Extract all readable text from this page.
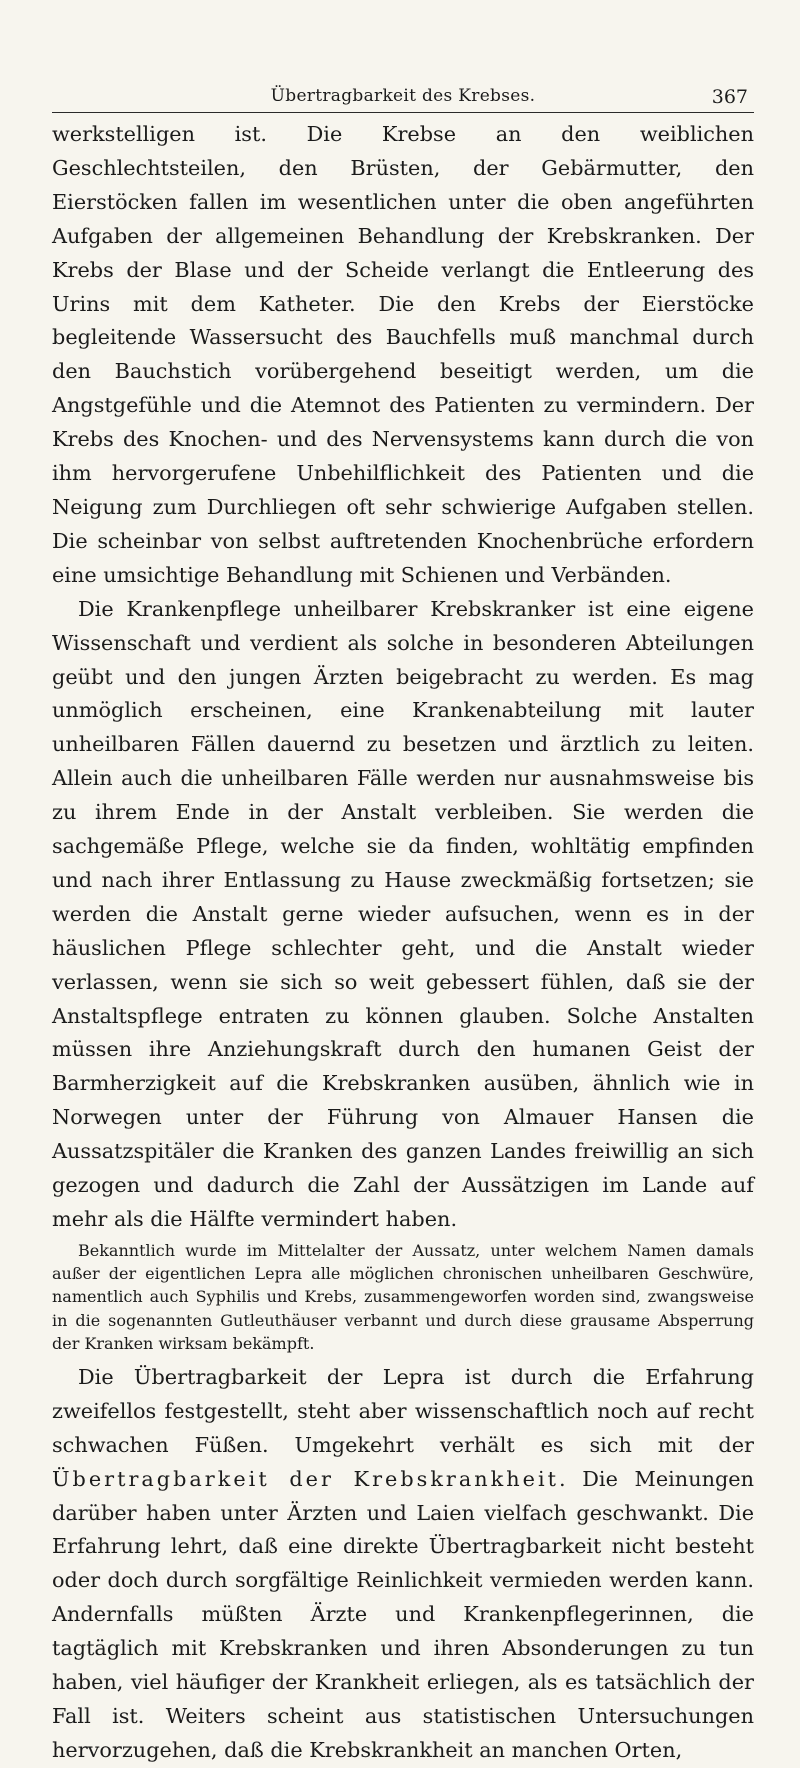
Übertragbarkeit des Krebses.	367

werkstelligen ist. Die Krebse an den weiblichen Geschlechtsteilen, den Brüsten, der Gebärmutter, den Eierstöcken fallen im wesentlichen unter die oben angeführten Aufgaben der allgemeinen Behandlung der Krebskranken. Der Krebs der Blase und der Scheide verlangt die Entleerung des Urins mit dem Katheter. Die den Krebs der Eierstöcke begleitende Wassersucht des Bauchfells muß manchmal durch den Bauchstich vorübergehend beseitigt werden, um die Angstgefühle und die Atemnot des Patienten zu vermindern. Der Krebs des Knochen- und des Nervensystems kann durch die von ihm hervorgerufene Unbehilflichkeit des Patienten und die Neigung zum Durchliegen oft sehr schwierige Aufgaben stellen. Die scheinbar von selbst auftretenden Knochenbrüche erfordern eine umsichtige Behandlung mit Schienen und Verbänden.

Die Krankenpflege unheilbarer Krebskranker ist eine eigene Wissenschaft und verdient als solche in besonderen Abteilungen geübt und den jungen Ärzten beigebracht zu werden. Es mag unmöglich erscheinen, eine Krankenabteilung mit lauter unheilbaren Fällen dauernd zu besetzen und ärztlich zu leiten. Allein auch die unheilbaren Fälle werden nur ausnahmsweise bis zu ihrem Ende in der Anstalt verbleiben. Sie werden die sachgemäße Pflege, welche sie da finden, wohltätig empfinden und nach ihrer Entlassung zu Hause zweckmäßig fortsetzen; sie werden die Anstalt gerne wieder aufsuchen, wenn es in der häuslichen Pflege schlechter geht, und die Anstalt wieder verlassen, wenn sie sich so weit gebessert fühlen, daß sie der Anstaltspflege entraten zu können glauben. Solche Anstalten müssen ihre Anziehungskraft durch den humanen Geist der Barmherzigkeit auf die Krebskranken ausüben, ähnlich wie in Norwegen unter der Führung von Almauer Hansen die Aussatzspitäler die Kranken des ganzen Landes freiwillig an sich gezogen und dadurch die Zahl der Aussätzigen im Lande auf mehr als die Hälfte vermindert haben.

Bekanntlich wurde im Mittelalter der Aussatz, unter welchem Namen damals außer der eigentlichen Lepra alle möglichen chronischen unheilbaren Geschwüre, namentlich auch Syphilis und Krebs, zusammengeworfen worden sind, zwangsweise in die sogenannten Gutleuthäuser verbannt und durch diese grausame Absperrung der Kranken wirksam bekämpft.

Die Übertragbarkeit der Lepra ist durch die Erfahrung zweifellos festgestellt, steht aber wissenschaftlich noch auf recht schwachen Füßen. Umgekehrt verhält es sich mit der Übertragbarkeit der Krebskrankheit. Die Meinungen darüber haben unter Ärzten und Laien vielfach geschwankt. Die Erfahrung lehrt, daß eine direkte Übertragbarkeit nicht besteht oder doch durch sorgfältige Reinlichkeit vermieden werden kann. Andernfalls müßten Ärzte und Krankenpflegerinnen, die tagtäglich mit Krebskranken und ihren Absonderungen zu tun haben, viel häufiger der Krankheit erliegen, als es tatsächlich der Fall ist. Weiters scheint aus statistischen Untersuchungen hervorzugehen, daß die Krebskrankheit an manchen Orten,
